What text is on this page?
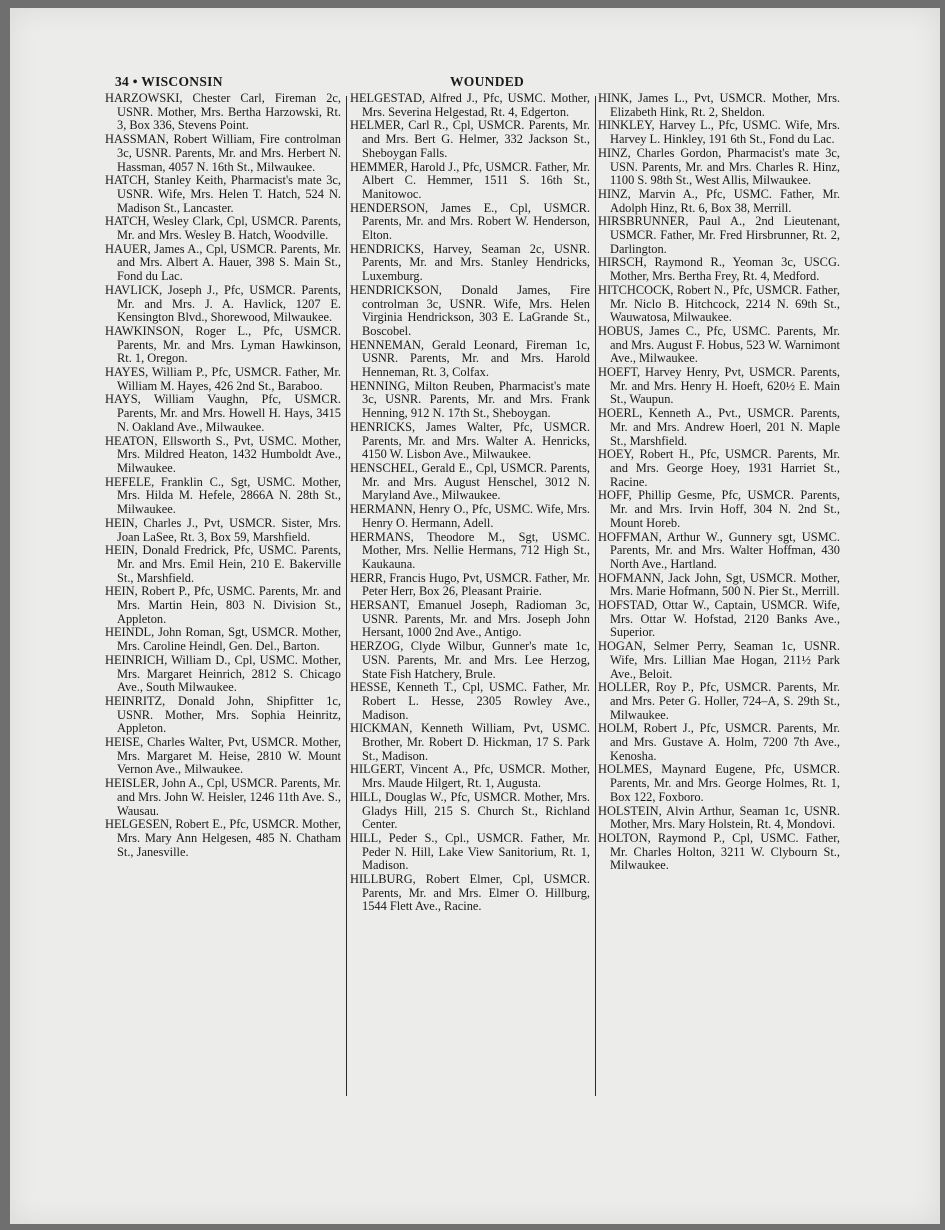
34 • WISCONSIN	WOUNDED

HARZOWSKI, Chester Carl, Fireman 2c, USNR. Mother, Mrs. Bertha Harzowski, Rt. 3, Box 336, Stevens Point.

HASSMAN, Robert William, Fire controlman 3c, USNR. Parents, Mr. and Mrs. Herbert N. Hassman, 4057 N. 16th St., Milwaukee.

HATCH, Stanley Keith, Pharmacist's mate 3c, USNR. Wife, Mrs. Helen T. Hatch, 524 N. Madison St., Lancaster.

HATCH, Wesley Clark, Cpl, USMCR. Parents, Mr. and Mrs. Wesley B. Hatch, Woodville.

HAUER, James A., Cpl, USMCR. Parents, Mr. and Mrs. Albert A. Hauer, 398 S. Main St., Fond du Lac.

HAVLICK, Joseph J., Pfc, USMCR. Parents, Mr. and Mrs. J. A. Havlick, 1207 E. Kensington Blvd., Shorewood, Milwaukee.

HAWKINSON, Roger L., Pfc, USMCR. Parents, Mr. and Mrs. Lyman Hawkinson, Rt. 1, Oregon.

HAYES, William P., Pfc, USMCR. Father, Mr. William M. Hayes, 426 2nd St., Baraboo.

HAYS, William Vaughn, Pfc, USMCR. Parents, Mr. and Mrs. Howell H. Hays, 3415 N. Oakland Ave., Milwaukee.

HEATON, Ellsworth S., Pvt, USMC. Mother, Mrs. Mildred Heaton, 1432 Humboldt Ave., Milwaukee.

HEFELE, Franklin C., Sgt, USMC. Mother, Mrs. Hilda M. Hefele, 2866A N. 28th St., Milwaukee.

HEIN, Charles J., Pvt, USMCR. Sister, Mrs. Joan LaSee, Rt. 3, Box 59, Marshfield.

HEIN, Donald Fredrick, Pfc, USMC. Parents, Mr. and Mrs. Emil Hein, 210 E. Bakerville St., Marshfield.

HEIN, Robert P., Pfc, USMC. Parents, Mr. and Mrs. Martin Hein, 803 N. Division St., Appleton.

HEINDL, John Roman, Sgt, USMCR. Mother, Mrs. Caroline Heindl, Gen. Del., Barton.

HEINRICH, William D., Cpl, USMC. Mother, Mrs. Margaret Heinrich, 2812 S. Chicago Ave., South Milwaukee.

HEINRITZ, Donald John, Shipfitter 1c, USNR. Mother, Mrs. Sophia Heinritz, Appleton.

HEISE, Charles Walter, Pvt, USMCR. Mother, Mrs. Margaret M. Heise, 2810 W. Mount Vernon Ave., Milwaukee.

HEISLER, John A., Cpl, USMCR. Parents, Mr. and Mrs. John W. Heisler, 1246 11th Ave. S., Wausau.

HELGESEN, Robert E., Pfc, USMCR. Mother, Mrs. Mary Ann Helgesen, 485 N. Chatham St., Janesville.

HELGESTAD, Alfred J., Pfc, USMC. Mother, Mrs. Severina Helgestad, Rt. 4, Edgerton.

HELMER, Carl R., Cpl, USMCR. Parents, Mr. and Mrs. Bert G. Helmer, 332 Jackson St., Sheboygan Falls.

HEMMER, Harold J., Pfc, USMCR. Father, Mr. Albert C. Hemmer, 1511 S. 16th St., Manitowoc.

HENDERSON, James E., Cpl, USMCR. Parents, Mr. and Mrs. Robert W. Henderson, Elton.

HENDRICKS, Harvey, Seaman 2c, USNR. Parents, Mr. and Mrs. Stanley Hendricks, Luxemburg.

HENDRICKSON, Donald James, Fire controlman 3c, USNR. Wife, Mrs. Helen Virginia Hendrickson, 303 E. LaGrande St., Boscobel.

HENNEMAN, Gerald Leonard, Fireman 1c, USNR. Parents, Mr. and Mrs. Harold Henneman, Rt. 3, Colfax.

HENNING, Milton Reuben, Pharmacist's mate 3c, USNR. Parents, Mr. and Mrs. Frank Henning, 912 N. 17th St., Sheboygan.

HENRICKS, James Walter, Pfc, USMCR. Parents, Mr. and Mrs. Walter A. Henricks, 4150 W. Lisbon Ave., Milwaukee.

HENSCHEL, Gerald E., Cpl, USMCR. Parents, Mr. and Mrs. August Henschel, 3012 N. Maryland Ave., Milwaukee.

HERMANN, Henry O., Pfc, USMC. Wife, Mrs. Henry O. Hermann, Adell.

HERMANS, Theodore M., Sgt, USMC. Mother, Mrs. Nellie Hermans, 712 High St., Kaukauna.

HERR, Francis Hugo, Pvt, USMCR. Father, Mr. Peter Herr, Box 26, Pleasant Prairie.

HERSANT, Emanuel Joseph, Radioman 3c, USNR. Parents, Mr. and Mrs. Joseph John Hersant, 1000 2nd Ave., Antigo.

HERZOG, Clyde Wilbur, Gunner's mate 1c, USN. Parents, Mr. and Mrs. Lee Herzog, State Fish Hatchery, Brule.

HESSE, Kenneth T., Cpl, USMC. Father, Mr. Robert L. Hesse, 2305 Rowley Ave., Madison.

HICKMAN, Kenneth William, Pvt, USMC. Brother, Mr. Robert D. Hickman, 17 S. Park St., Madison.

HILGERT, Vincent A., Pfc, USMCR. Mother, Mrs. Maude Hilgert, Rt. 1, Augusta.

HILL, Douglas W., Pfc, USMCR. Mother, Mrs. Gladys Hill, 215 S. Church St., Richland Center.

HILL, Peder S., Cpl., USMCR. Father, Mr. Peder N. Hill, Lake View Sanitorium, Rt. 1, Madison.

HILLBURG, Robert Elmer, Cpl, USMCR. Parents, Mr. and Mrs. Elmer O. Hillburg, 1544 Flett Ave., Racine.

HINK, James L., Pvt, USMCR. Mother, Mrs. Elizabeth Hink, Rt. 2, Sheldon.

HINKLEY, Harvey L., Pfc, USMC. Wife, Mrs. Harvey L. Hinkley, 191 6th St., Fond du Lac.

HINZ, Charles Gordon, Pharmacist's mate 3c, USN. Parents, Mr. and Mrs. Charles R. Hinz, 1100 S. 98th St., West Allis, Milwaukee.

HINZ, Marvin A., Pfc, USMC. Father, Mr. Adolph Hinz, Rt. 6, Box 38, Merrill.

HIRSBRUNNER, Paul A., 2nd Lieutenant, USMCR. Father, Mr. Fred Hirsbrunner, Rt. 2, Darlington.

HIRSCH, Raymond R., Yeoman 3c, USCG. Mother, Mrs. Bertha Frey, Rt. 4, Medford.

HITCHCOCK, Robert N., Pfc, USMCR. Father, Mr. Niclo B. Hitchcock, 2214 N. 69th St., Wauwatosa, Milwaukee.

HOBUS, James C., Pfc, USMC. Parents, Mr. and Mrs. August F. Hobus, 523 W. Warnimont Ave., Milwaukee.

HOEFT, Harvey Henry, Pvt, USMCR. Parents, Mr. and Mrs. Henry H. Hoeft, 620½ E. Main St., Waupun.

HOERL, Kenneth A., Pvt., USMCR. Parents, Mr. and Mrs. Andrew Hoerl, 201 N. Maple St., Marshfield.

HOEY, Robert H., Pfc, USMCR. Parents, Mr. and Mrs. George Hoey, 1931 Harriet St., Racine.

HOFF, Phillip Gesme, Pfc, USMCR. Parents, Mr. and Mrs. Irvin Hoff, 304 N. 2nd St., Mount Horeb.

HOFFMAN, Arthur W., Gunnery sgt, USMC. Parents, Mr. and Mrs. Walter Hoffman, 430 North Ave., Hartland.

HOFMANN, Jack John, Sgt, USMCR. Mother, Mrs. Marie Hofmann, 500 N. Pier St., Merrill.

HOFSTAD, Ottar W., Captain, USMCR. Wife, Mrs. Ottar W. Hofstad, 2120 Banks Ave., Superior.

HOGAN, Selmer Perry, Seaman 1c, USNR. Wife, Mrs. Lillian Mae Hogan, 211½ Park Ave., Beloit.

HOLLER, Roy P., Pfc, USMCR. Parents, Mr. and Mrs. Peter G. Holler, 724–A, S. 29th St., Milwaukee.

HOLM, Robert J., Pfc, USMCR. Parents, Mr. and Mrs. Gustave A. Holm, 7200 7th Ave., Kenosha.

HOLMES, Maynard Eugene, Pfc, USMCR. Parents, Mr. and Mrs. George Holmes, Rt. 1, Box 122, Foxboro.

HOLSTEIN, Alvin Arthur, Seaman 1c, USNR. Mother, Mrs. Mary Holstein, Rt. 4, Mondovi.

HOLTON, Raymond P., Cpl, USMC. Father, Mr. Charles Holton, 3211 W. Clybourn St., Milwaukee.
